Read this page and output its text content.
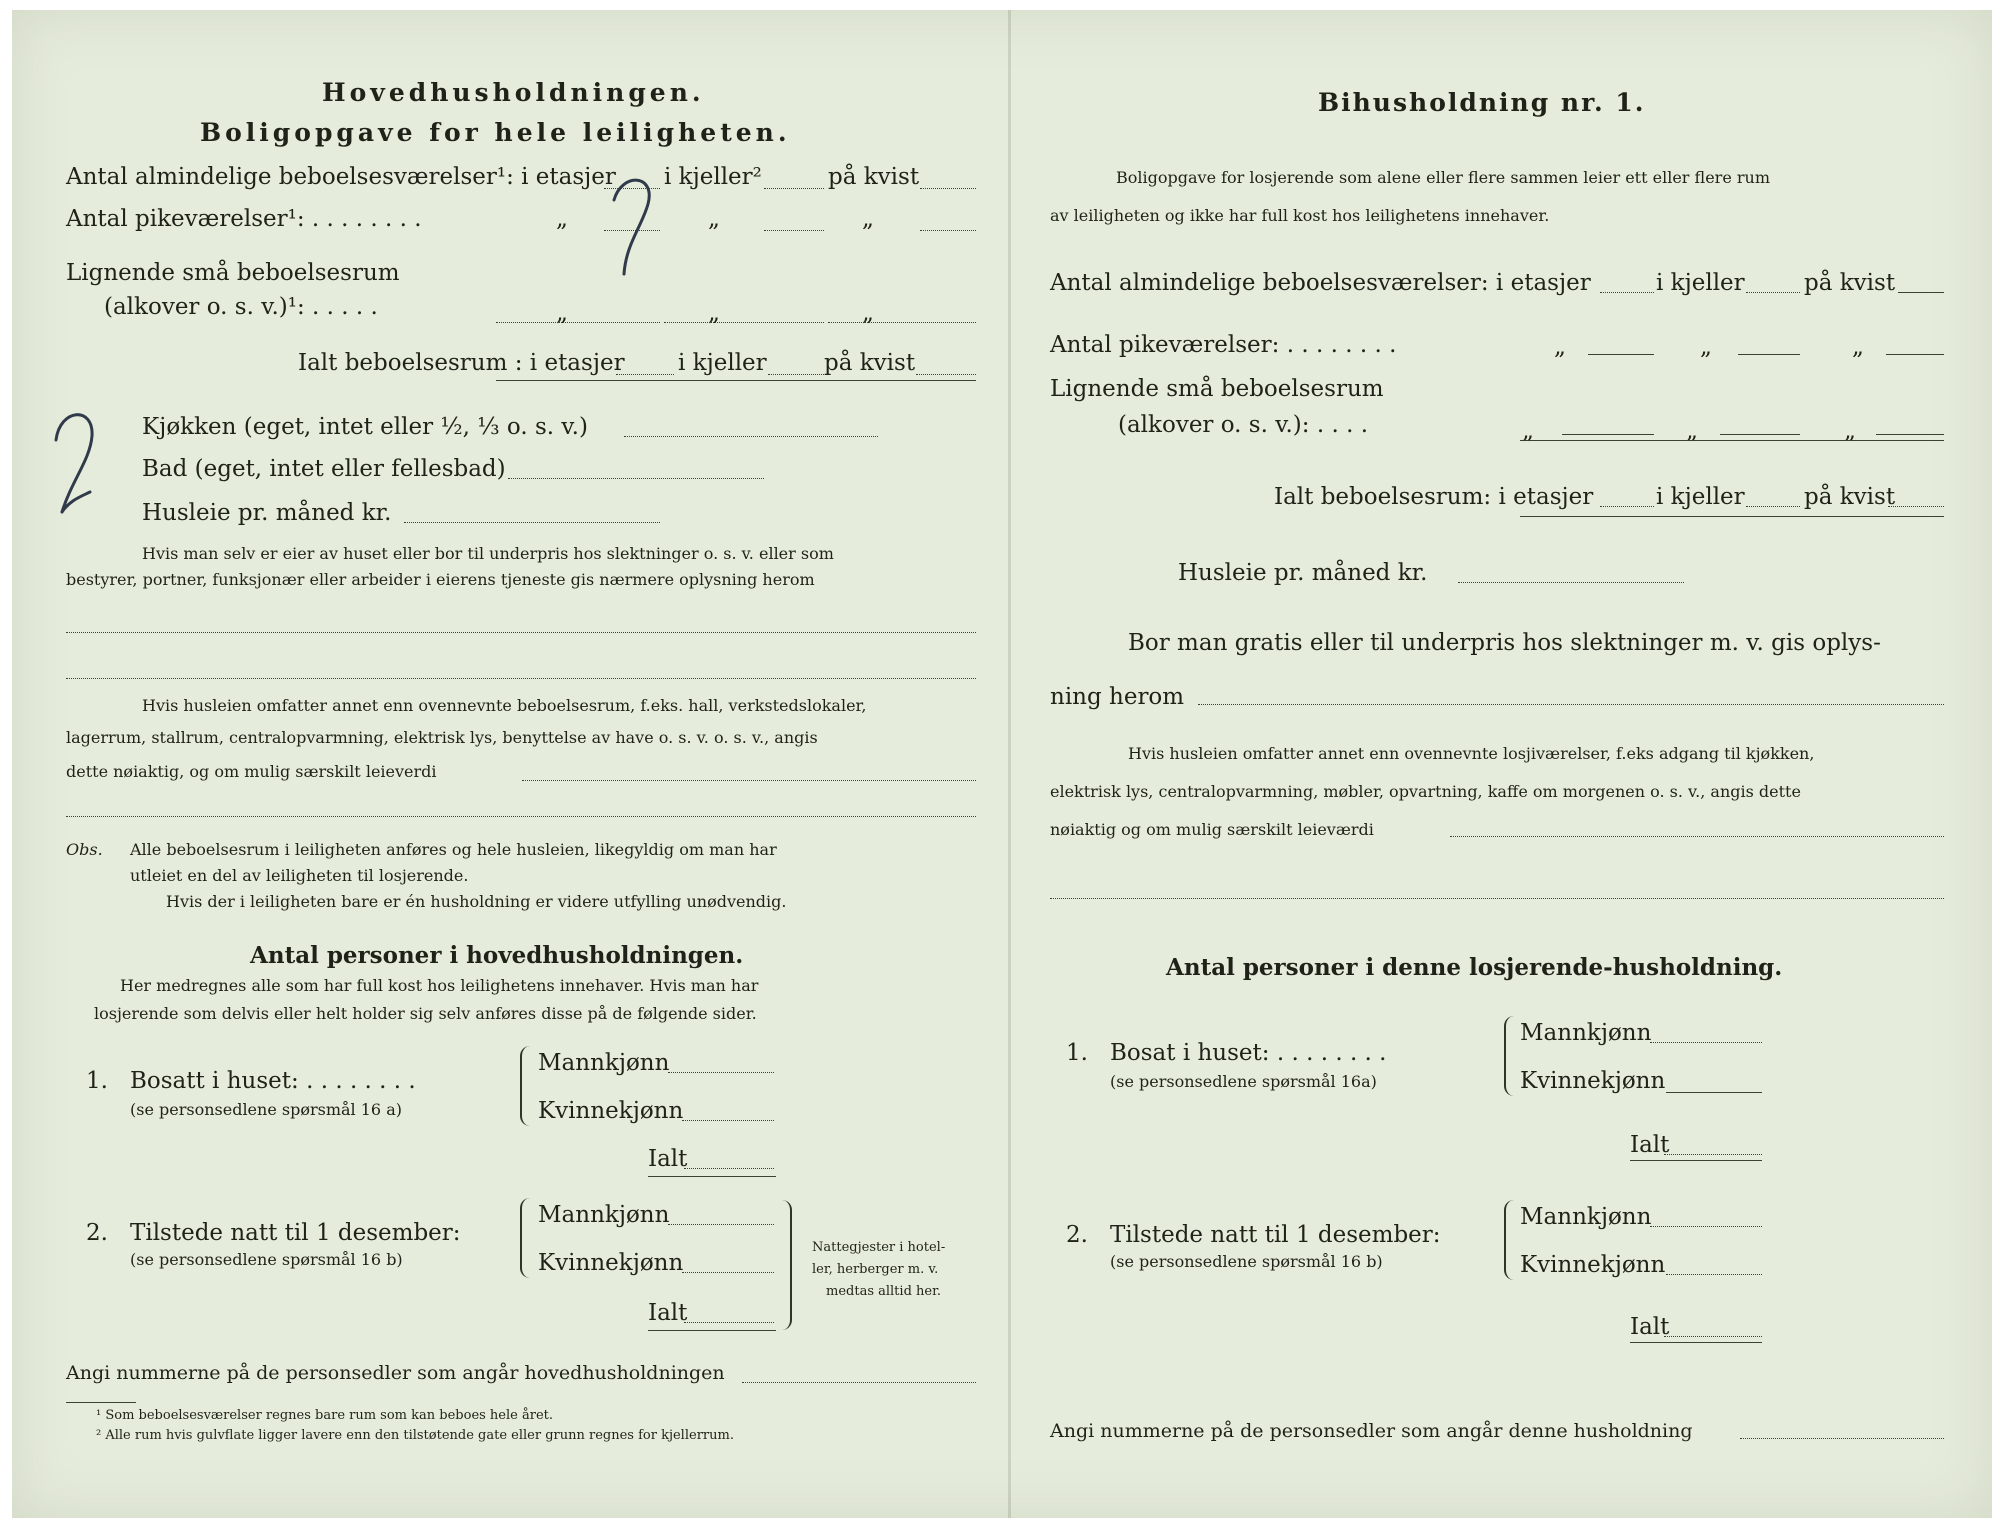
Hovedhusholdningen.
Boligopgave for hele leiligheten.
Antal almindelige beboelsesværelser¹: i etasjer i kjeller²	på kvist
Antal pikeværelser¹: . . . . . . . .	„	„	„
Lignende små beboelsesrum
(alkover o. s. v.)¹: . . . . .	„	„	„
Ialt beboelsesrum : i etasjer i kjeller på kvist
Kjøkken (eget, intet eller ½, ⅓ o. s. v.)
Bad (eget, intet eller fellesbad)
Husleie pr. måned kr.
Hvis man selv er eier av huset eller bor til underpris hos slektninger o. s. v. eller som
bestyrer, portner, funksjonær eller arbeider i eierens tjeneste gis nærmere oplysning herom
Hvis husleien omfatter annet enn ovennevnte beboelsesrum, f.eks. hall, verkstedslokaler,
lagerrum, stallrum, centralopvarmning, elektrisk lys, benyttelse av have o. s. v. o. s. v., angis
dette nøiaktig, og om mulig særskilt leieverdi
Obs. Alle beboelsesrum i leiligheten anføres og hele husleien, likegyldig om man har
utleiet en del av leiligheten til losjerende.
Hvis der i leiligheten bare er én husholdning er videre utfylling unødvendig.
Antal personer i hovedhusholdningen.
Her medregnes alle som har full kost hos leilighetens innehaver. Hvis man har
losjerende som delvis eller helt holder sig selv anføres disse på de følgende sider.
1. Bosatt i huset: . . . . . . . .
(se personsedlene spørsmål 16 a)
Mannkjønn
Kvinnekjønn
Ialt
2. Tilstede natt til 1 desember:
(se personsedlene spørsmål 16 b)
Mannkjønn
Kvinnekjønn
Ialt
Nattegjester i hotel-
ler, herberger m. v.
medtas alltid her.
Angi nummerne på de personsedler som angår hovedhusholdningen
¹ Som beboelsesværelser regnes bare rum som kan beboes hele året.
² Alle rum hvis gulvflate ligger lavere enn den tilstøtende gate eller grunn regnes for kjellerrum.
Bihusholdning nr. 1.
Boligopgave for losjerende som alene eller flere sammen leier ett eller flere rum
av leiligheten og ikke har full kost hos leilighetens innehaver.
Antal almindelige beboelsesværelser: i etasjer	i kjeller	på kvist
Antal pikeværelser: . . . . . . . .	„	„	„
Lignende små beboelsesrum
(alkover o. s. v.): . . . .	„	„	„
Ialt beboelsesrum: i etasjer	i kjeller	på kvist
Husleie pr. måned kr.
Bor man gratis eller til underpris hos slektninger m. v. gis oplys-
ning herom
Hvis husleien omfatter annet enn ovennevnte losjiværelser, f.eks adgang til kjøkken,
elektrisk lys, centralopvarmning, møbler, opvartning, kaffe om morgenen o. s. v., angis dette
nøiaktig og om mulig særskilt leieværdi
Antal personer i denne losjerende-husholdning.
1. Bosat i huset: . . . . . . . .
(se personsedlene spørsmål 16a)
Mannkjønn
Kvinnekjønn
Ialt
2. Tilstede natt til 1 desember:
(se personsedlene spørsmål 16 b)
Mannkjønn
Kvinnekjønn
Ialt
Angi nummerne på de personsedler som angår denne husholdning
